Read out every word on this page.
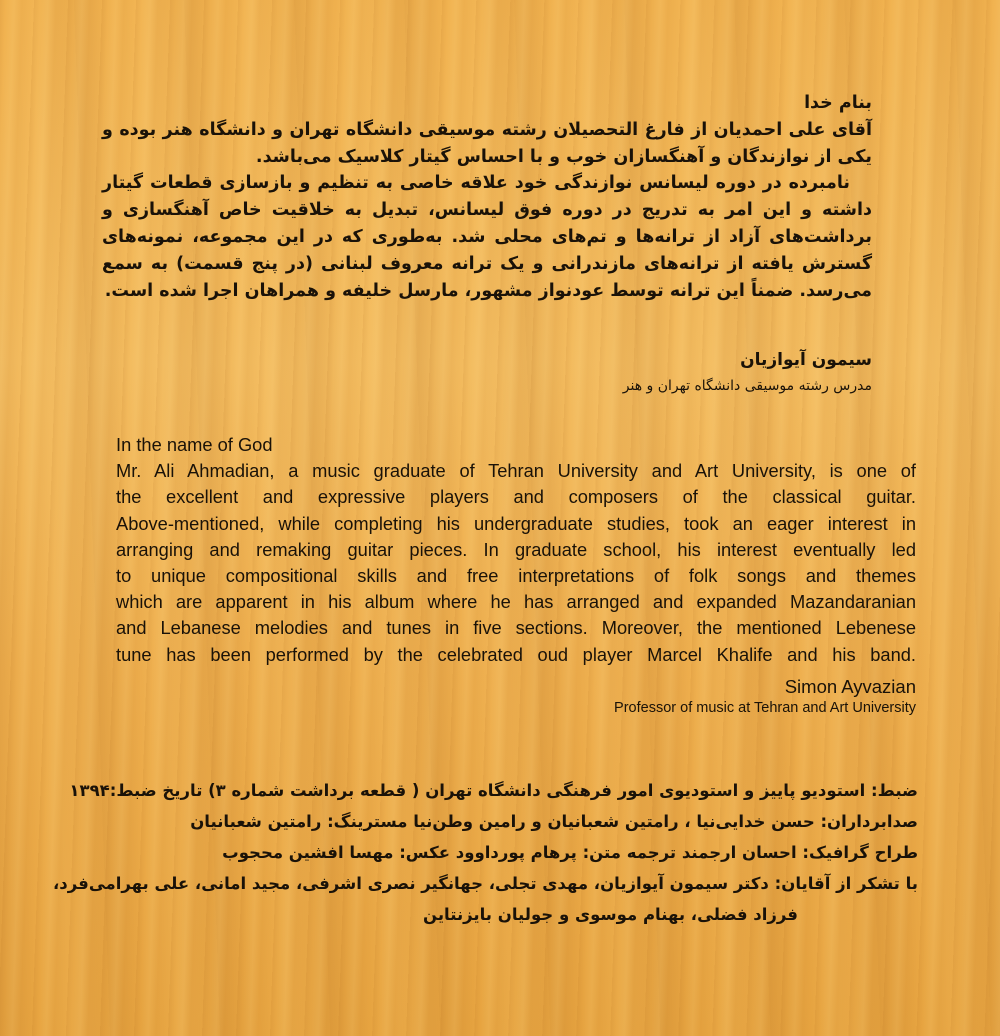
بنام خدا

آقای علی احمدیان از فارغ التحصیلان رشته موسیقی دانشگاه تهران و دانشگاه هنر بوده و یکی از نوازندگان و آهنگسازان خوب و با احساس گیتار کلاسیک می‌باشد.

نامبرده در دوره لیسانس نوازندگی خود علاقه خاصی به تنظیم و بازسازی قطعات گیتار داشته و این امر به تدریج در دوره فوق لیسانس، تبدیل به خلاقیت خاص آهنگسازی و برداشت‌های آزاد از ترانه‌ها و تم‌های محلی شد. به‌طوری که در این مجموعه، نمونه‌های گسترش یافته از ترانه‌های مازندرانی و یک ترانه معروف لبنانی (در پنج قسمت) به سمع می‌رسد. ضمناً این ترانه توسط عودنواز مشهور، مارسل خلیفه و همراهان اجرا شده است.

سیمون آیوازیان
مدرس رشته موسیقی دانشگاه تهران و هنر

In the name of God

Mr. Ali Ahmadian, a music graduate of Tehran University and Art University, is one of

the excellent and expressive players and composers of the classical guitar.

Above-mentioned, while completing his undergraduate studies, took an eager interest in

arranging and remaking guitar pieces. In graduate school, his interest eventually led

to unique compositional skills and free interpretations of folk songs and themes

which are apparent in his album where he has arranged and expanded Mazandaranian

and Lebanese melodies and tunes in five sections. Moreover, the mentioned Lebenese

tune has been performed by the celebrated oud player Marcel Khalife and his band.

Simon Ayvazian
Professor of music at Tehran and Art University
ضبط: استودیو پاییز و استودیوی امور فرهنگی دانشگاه تهران ( قطعه برداشت شماره ۳) تاریخ ضبط:۱۳۹۴
صدابرداران: حسن خدایی‌نیا ، رامتین شعبانیان و رامین وطن‌نیا مسترینگ: رامتین شعبانیان
طراح گرافیک: احسان ارجمند ترجمه متن: پرهام پورداوود عکس: مهسا افشین محجوب
با تشکر از آقایان: دکتر سیمون آیوازیان، مهدی تجلی، جهانگیر نصری اشرفی، مجید امانی، علی بهرامی‌فرد،
فرزاد فضلی، بهنام موسوی و جولیان بایزنتاین
